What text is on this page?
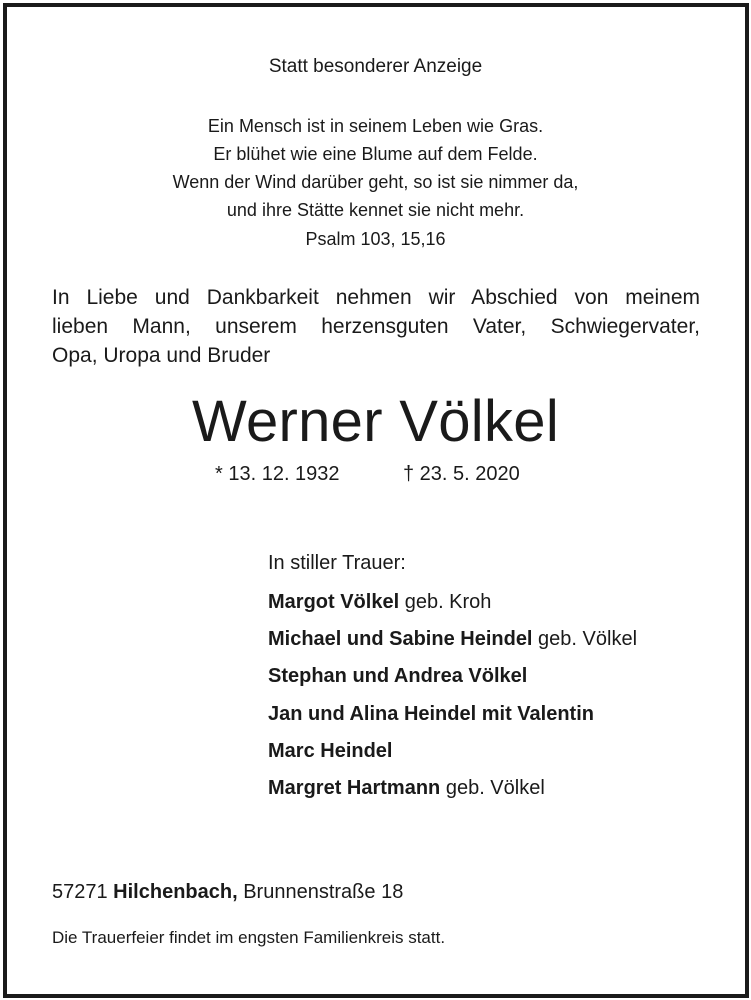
Statt besonderer Anzeige
Ein Mensch ist in seinem Leben wie Gras.
Er blühet wie eine Blume auf dem Felde.
Wenn der Wind darüber geht, so ist sie nimmer da,
und ihre Stätte kennet sie nicht mehr.
Psalm 103, 15,16
In Liebe und Dankbarkeit nehmen wir Abschied von meinem
lieben Mann, unserem herzensguten Vater, Schwiegervater,
Opa, Uropa und Bruder
Werner Völkel
* 13. 12. 1932	† 23. 5. 2020
In stiller Trauer:
Margot Völkel geb. Kroh
Michael und Sabine Heindel geb. Völkel
Stephan und Andrea Völkel
Jan und Alina Heindel mit Valentin
Marc Heindel
Margret Hartmann geb. Völkel
57271 Hilchenbach, Brunnenstraße 18
Die Trauerfeier findet im engsten Familienkreis statt.
